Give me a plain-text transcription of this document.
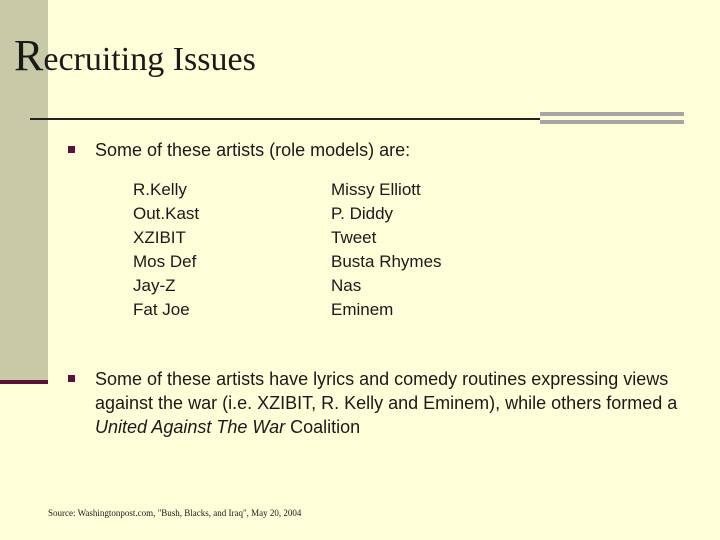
Recruiting Issues
Some of these artists (role models) are:
R.Kelly
Out.Kast
XZIBIT
Mos Def
Jay-Z
Fat Joe
Missy Elliott
P. Diddy
Tweet
Busta Rhymes
Nas
Eminem
Some of these artists have lyrics and comedy routines expressing views against the war (i.e. XZIBIT, R. Kelly and Eminem), while others formed a United Against The War Coalition
Source: Washingtonpost.com, "Bush, Blacks, and Iraq", May 20, 2004
